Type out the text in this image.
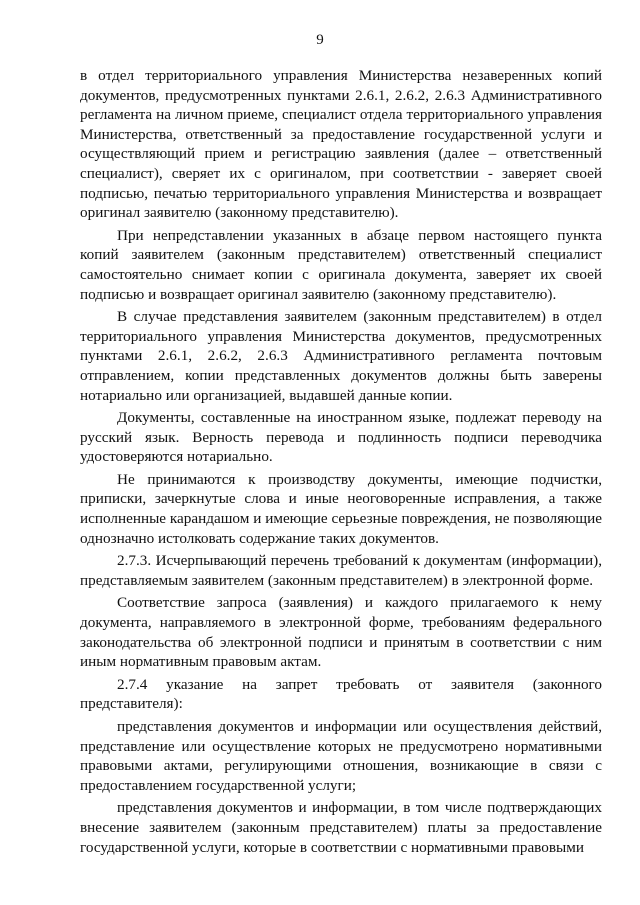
9

в отдел территориального управления Министерства незаверенных копий документов, предусмотренных пунктами 2.6.1, 2.6.2, 2.6.3 Административного регламента на личном приеме, специалист отдела территориального управления Министерства, ответственный за предоставление государственной услуги и осуществляющий прием и регистрацию заявления (далее – ответственный специалист), сверяет их с оригиналом, при соответствии - заверяет своей подписью, печатью территориального управления Министерства и возвращает оригинал заявителю (законному представителю).

При непредставлении указанных в абзаце первом настоящего пункта копий заявителем (законным представителем) ответственный специалист самостоятельно снимает копии с оригинала документа, заверяет их своей подписью и возвращает оригинал заявителю (законному представителю).

В случае представления заявителем (законным представителем) в отдел территориального управления Министерства документов, предусмотренных пунктами 2.6.1, 2.6.2, 2.6.3 Административного регламента почтовым отправлением, копии представленных документов должны быть заверены нотариально или организацией, выдавшей данные копии.

Документы, составленные на иностранном языке, подлежат переводу на русский язык. Верность перевода и подлинность подписи переводчика удостоверяются нотариально.

Не принимаются к производству документы, имеющие подчистки, приписки, зачеркнутые слова и иные неоговоренные исправления, а также исполненные карандашом и имеющие серьезные повреждения, не позволяющие однозначно истолковать содержание таких документов.

2.7.3. Исчерпывающий перечень требований к документам (информации), представляемым заявителем (законным представителем) в электронной форме.

Соответствие запроса (заявления) и каждого прилагаемого к нему документа, направляемого в электронной форме, требованиям федерального законодательства об электронной подписи и принятым в соответствии с ним иным нормативным правовым актам.

2.7.4 указание на запрет требовать от заявителя (законного представителя):

представления документов и информации или осуществления действий, представление или осуществление которых не предусмотрено нормативными правовыми актами, регулирующими отношения, возникающие в связи с предоставлением государственной услуги;

представления документов и информации, в том числе подтверждающих внесение заявителем (законным представителем) платы за предоставление государственной услуги, которые в соответствии с нормативными правовыми
